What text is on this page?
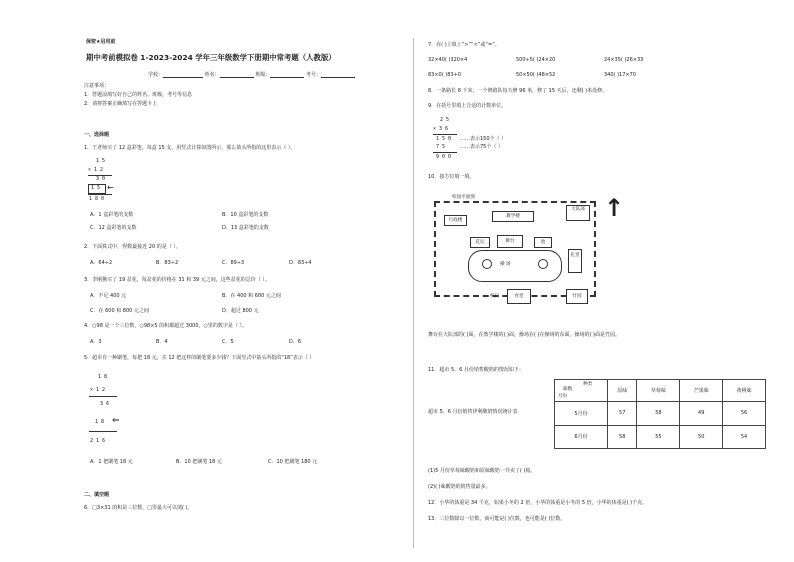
保密★启用前
期中考前模拟卷 1-2023-2024 学年三年级数学下册期中常考题（人教版）
学校：	姓名：	班级：	考号：
注意事项：
1．答题前填写好自己的姓名、班级、考号等信息
2．请将答案正确填写在答题卡上
一、选择题
1．王老师买了 12 盒彩笔，每盒 15 支，用竖式计算如图所示，那么箭头所指的这里表示（ ）。
1 5
× 1 2
3 0
1 5 ←
1 8 0
A．1 盒彩笔的支数	B．10 盒彩笔的支数
C．12 盒彩笔的支数	D．13 盒彩笔的支数
2．下面算式中，得数最接近 20 的是（ ）。
A．64÷2	B．83÷2	C．89÷3	D．83÷4
3．李刚拂买了 19 盆花，每盆花的价格在 31 和 39 元之间，这些盆花的总价（ ）。
A．不足 400 元	B．在 400 和 600 元之间
C．在 600 和 800 元之间	D．超过 800 元
4．○98 是一个三位数，○98×5 的积都超过 3000，○里的数字是（ ）。
A．3	B．4	C．5	D．6
5．超市有一种刷笔，每把 18 元，买 12 把这样的刷笔要多少钱？下面竖式中箭头所指的“18”表示（ ）
1 8
× 1 2
3 6
1 8 ⇐
2 1 6
A．1 把刷笔 18 元	B．10 把刷笔 18 元	C．10 把刷笔 180 元
二、填空题
6．□3×31 的积是三位数，□里最大可以填( )。
7．在( )上填上“>”“<”或“=”。
32×40( )320×4	500÷5( )24×20	24×35( )26×33
83×0( )83+0	50×50( )48×52	340( )17×70
8．一条路长 8 千米，一个修路队每天修 96 米，修了 15 天后，还剩( )米没修。
9．在括号里填上合适的计数单位。
2 5
× 3 6
1 5 0 ……表示150个（ ）
7 5	……表示75个（ ）
9 0 0
10．接方位填一填。
校园平面图
行政楼
教学楼
大队部
花坛	舞台	池
操 场
礼堂
校门	食堂	竹园
↑
舞台在大队部的( )面，在教学楼的( )面，操场在( )在操场的东面，操场的( )面是竹园。
11．超市 5、6 月份销售酸奶的情况如下：
超市 5、6 月份销售伊利酸奶情况统计表
种类
箱数
月份	原味	草莓味	芒果味	黄桃味
5月份	57	58	49	56
6月份	58	55	50	54
(1)5 月份草莓味酸奶和原味酸奶一共卖了( )箱。
(2)( )味酸奶的销售量最多。
12．小华的体重是 34 千克，如果小冬的 2 倍，小华的体重是小冬的 5 倍，小华的体重是( )千克。
13．三位数除以一位数，商可能是( )位数，也可能是( )位数。
